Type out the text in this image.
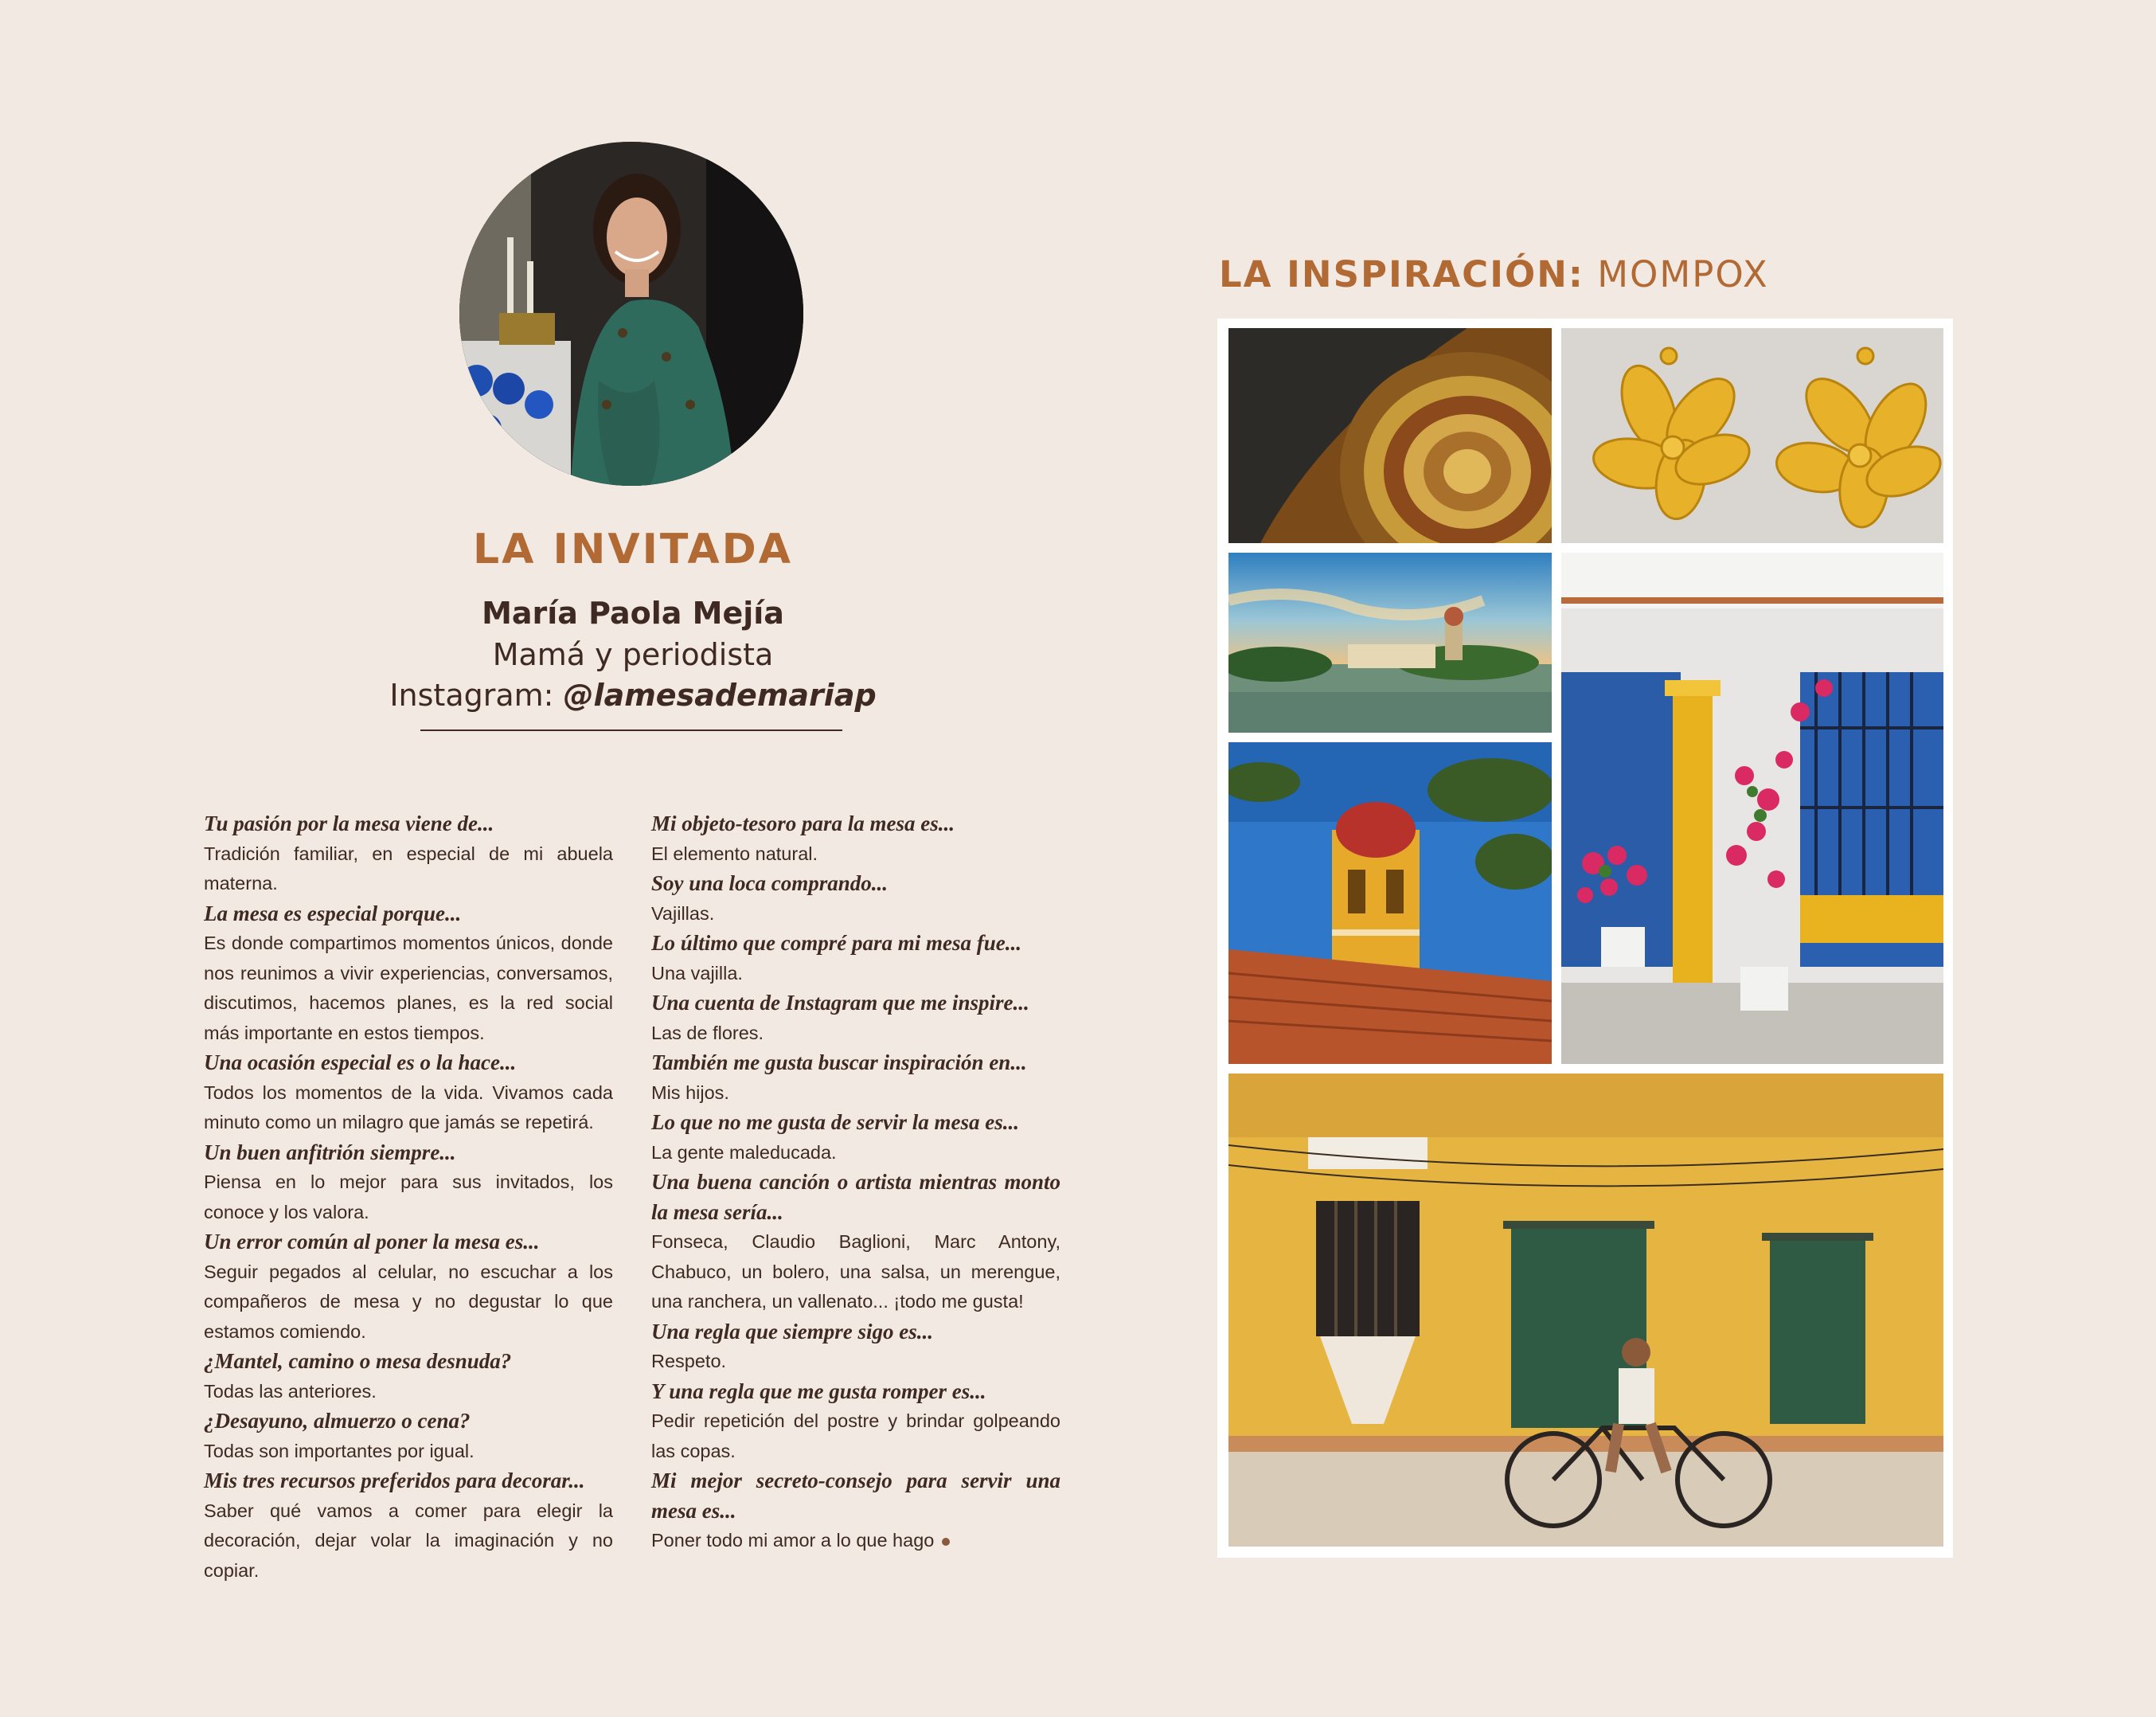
LA INVITADA
María Paola Mejía
Mamá y periodista
Instagram: @lamesademariap
Tu pasión por la mesa viene de...
Tradición familiar, en especial de mi abuela materna.
La mesa es especial porque...
Es donde compartimos momentos únicos, donde nos reunimos a vivir experiencias, conversamos, discutimos, hacemos planes, es la red social más importante en estos tiempos.
Una ocasión especial es o la hace...
Todos los momentos de la vida. Vivamos cada minuto como un milagro que jamás se repetirá.
Un buen anfitrión siempre...
Piensa en lo mejor para sus invitados, los conoce y los valora.
Un error común al poner la mesa es...
Seguir pegados al celular, no escuchar a los compañeros de mesa y no degustar lo que estamos comiendo.
¿Mantel, camino o mesa desnuda?
Todas las anteriores.
¿Desayuno, almuerzo o cena?
Todas son importantes por igual.
Mis tres recursos preferidos para decorar...
Saber qué vamos a comer para elegir la decoración, dejar volar la imaginación y no copiar.
Mi objeto-tesoro para la mesa es...
El elemento natural.
Soy una loca comprando...
Vajillas.
Lo último que compré para mi mesa fue...
Una vajilla.
Una cuenta de Instagram que me inspire...
Las de flores.
También me gusta buscar inspiración en...
Mis hijos.
Lo que no me gusta de servir la mesa es...
La gente maleducada.
Una buena canción o artista mientras monto la mesa sería...
Fonseca, Claudio Baglioni, Marc Antony, Chabuco, un bolero, una salsa, un merengue, una ranchera, un vallenato... ¡todo me gusta!
Una regla que siempre sigo es...
Respeto.
Y una regla que me gusta romper es...
Pedir repetición del postre y brindar golpeando las copas.
Mi mejor secreto-consejo para servir una mesa es...
Poner todo mi amor a lo que hago
LA INSPIRACIÓN: MOMPOX
